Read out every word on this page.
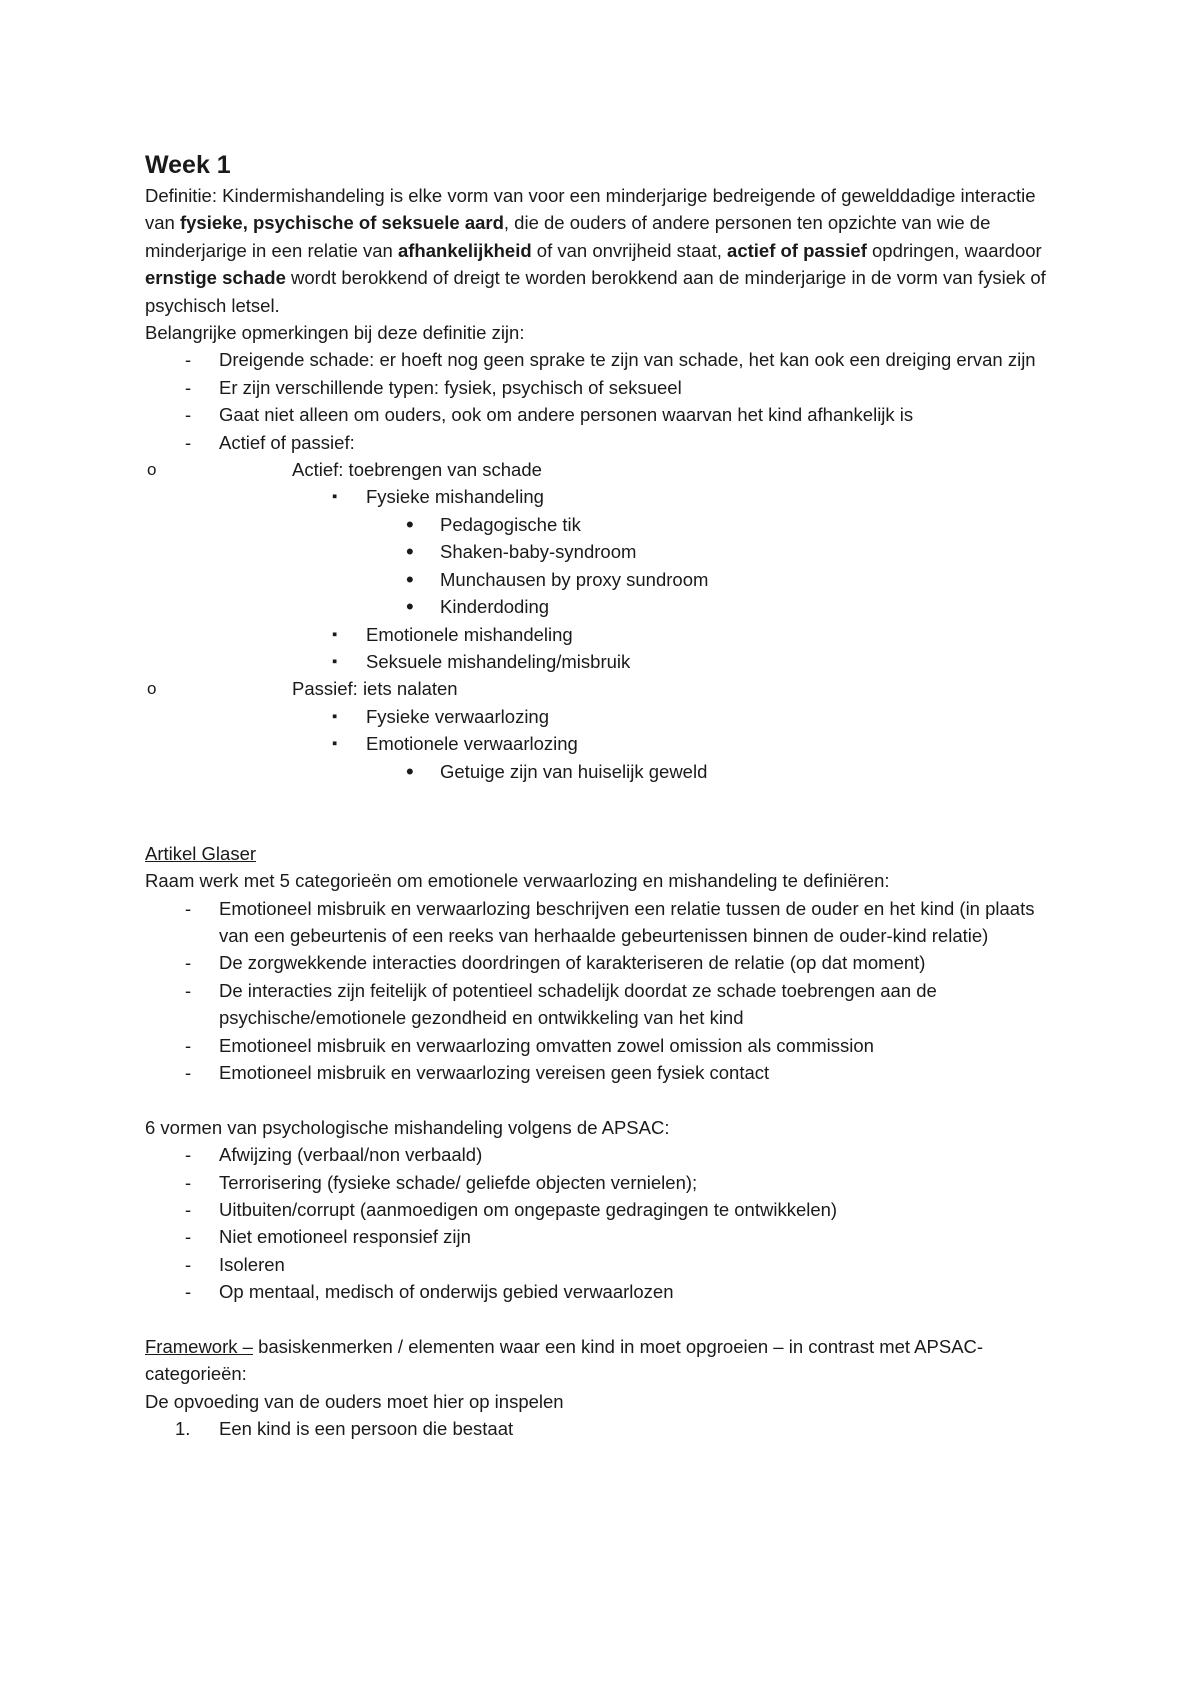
Week 1

Definitie: Kindermishandeling is elke vorm van voor een minderjarige bedreigende of gewelddadige interactie van fysieke, psychische of seksuele aard, die de ouders of andere personen ten opzichte van wie de minderjarige in een relatie van afhankelijkheid of van onvrijheid staat, actief of passief opdringen, waardoor ernstige schade wordt berokkend of dreigt te worden berokkend aan de minderjarige in de vorm van fysiek of psychisch letsel.

Belangrijke opmerkingen bij deze definitie zijn:

- Dreigende schade: er hoeft nog geen sprake te zijn van schade, het kan ook een dreiging ervan zijn
- Er zijn verschillende typen: fysiek, psychisch of seksueel
- Gaat niet alleen om ouders, ook om andere personen waarvan het kind afhankelijk is
- Actief of passief:
o Actief: toebrengen van schade
▪ Fysieke mishandeling
• Pedagogische tik
• Shaken-baby-syndroom
• Munchausen by proxy sundroom
• Kinderdoding
▪ Emotionele mishandeling
▪ Seksuele mishandeling/misbruik
o Passief: iets nalaten
▪ Fysieke verwaarlozing
▪ Emotionele verwaarlozing
• Getuige zijn van huiselijk geweld

Artikel Glaser

Raam werk met 5 categorieën om emotionele verwaarlozing en mishandeling te definiëren:

- Emotioneel misbruik en verwaarlozing beschrijven een relatie tussen de ouder en het kind (in plaats van een gebeurtenis of een reeks van herhaalde gebeurtenissen binnen de ouder-kind relatie)
- De zorgwekkende interacties doordringen of karakteriseren de relatie (op dat moment)
- De interacties zijn feitelijk of potentieel schadelijk doordat ze schade toebrengen aan de psychische/emotionele gezondheid en ontwikkeling van het kind
- Emotioneel misbruik en verwaarlozing omvatten zowel omission als commission
- Emotioneel misbruik en verwaarlozing vereisen geen fysiek contact

6 vormen van psychologische mishandeling volgens de APSAC:

- Afwijzing (verbaal/non verbaald)
- Terrorisering (fysieke schade/ geliefde objecten vernielen);
- Uitbuiten/corrupt (aanmoedigen om ongepaste gedragingen te ontwikkelen)
- Niet emotioneel responsief zijn
- Isoleren
- Op mentaal, medisch of onderwijs gebied verwaarlozen

Framework – basiskenmerken / elementen waar een kind in moet opgroeien – in contrast met APSAC-categorieën:

De opvoeding van de ouders moet hier op inspelen

1. Een kind is een persoon die bestaat
